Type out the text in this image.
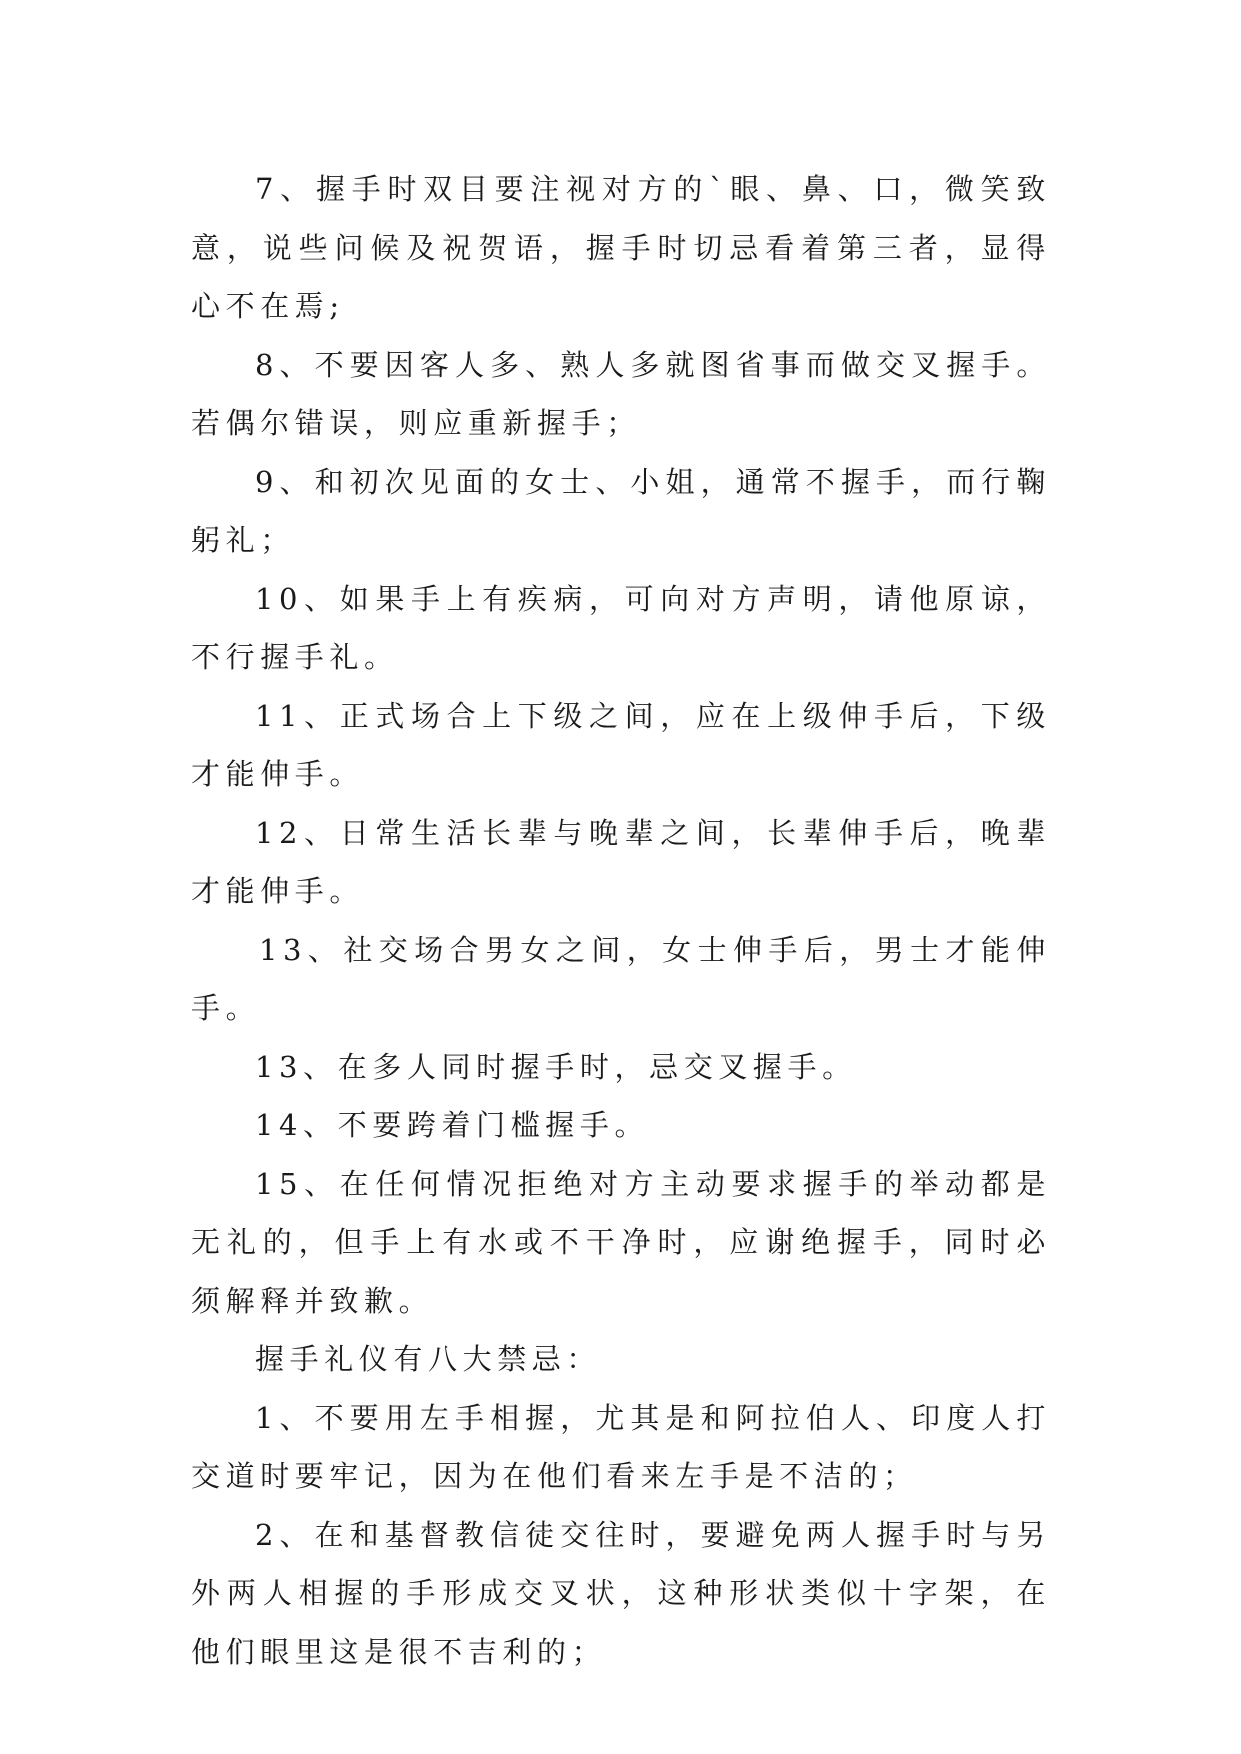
7、握手时双目要注视对方的`眼、鼻、口，微笑致意，说些问候及祝贺语，握手时切忌看着第三者，显得心不在焉;

8、不要因客人多、熟人多就图省事而做交叉握手。若偶尔错误，则应重新握手；

9、和初次见面的女士、小姐，通常不握手，而行鞠躬礼；

10、如果手上有疾病，可向对方声明，请他原谅，不行握手礼。

11、正式场合上下级之间，应在上级伸手后，下级才能伸手。

12、日常生活长辈与晚辈之间，长辈伸手后，晚辈才能伸手。

13、社交场合男女之间，女士伸手后，男士才能伸手。

13、在多人同时握手时，忌交叉握手。

14、不要跨着门槛握手。

15、在任何情况拒绝对方主动要求握手的举动都是无礼的，但手上有水或不干净时，应谢绝握手，同时必须解释并致歉。

握手礼仪有八大禁忌：

1、不要用左手相握，尤其是和阿拉伯人、印度人打交道时要牢记，因为在他们看来左手是不洁的；

2、在和基督教信徒交往时，要避免两人握手时与另外两人相握的手形成交叉状，这种形状类似十字架，在他们眼里这是很不吉利的；
